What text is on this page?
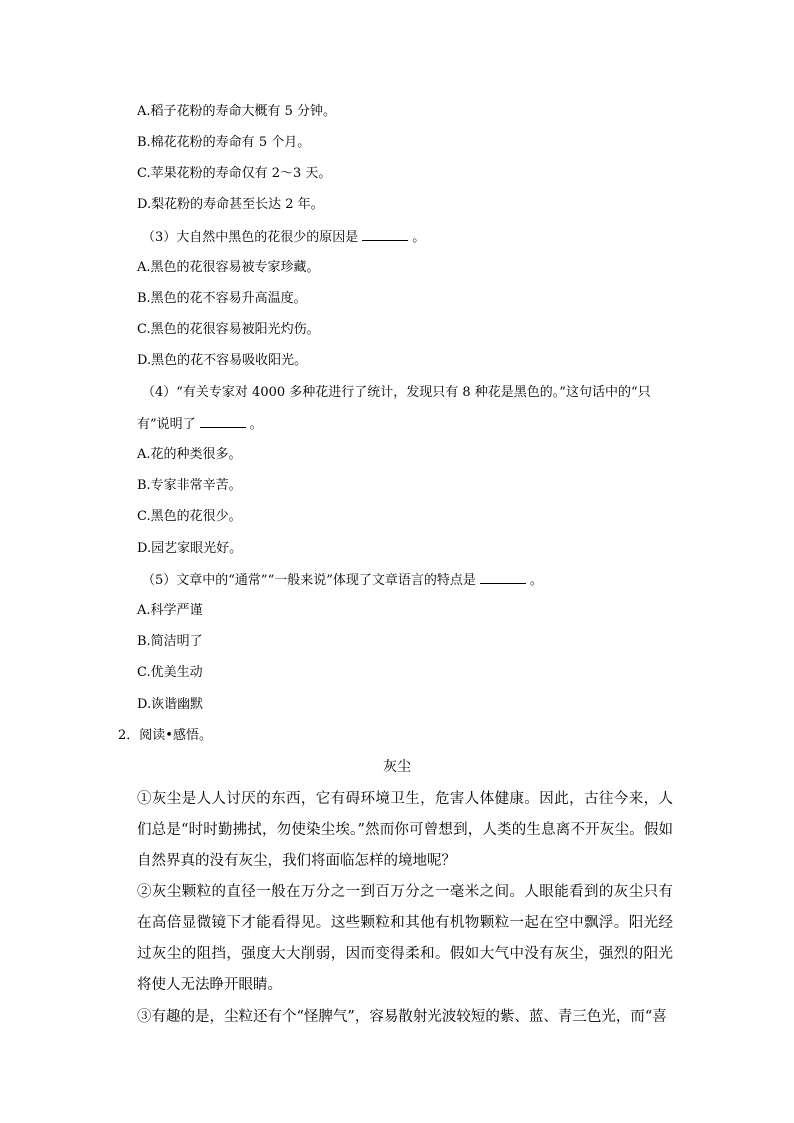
A.稻子花粉的寿命大概有 5 分钟。
B.棉花花粉的寿命有 5 个月。
C.苹果花粉的寿命仅有 2～3 天。
D.梨花粉的寿命甚至长达 2 年。
（3）大自然中黑色的花很少的原因是	。
A.黑色的花很容易被专家珍藏。
B.黑色的花不容易升高温度。
C.黑色的花很容易被阳光灼伤。
D.黑色的花不容易吸收阳光。
（4）“有关专家对 4000 多种花进行了统计，发现只有 8 种花是黑色的。”这句话中的“只
有”说明了	。
A.花的种类很多。
B.专家非常辛苦。
C.黑色的花很少。
D.园艺家眼光好。
（5）文章中的“通常”“一般来说”体现了文章语言的特点是	。
A.科学严谨
B.简洁明了
C.优美生动
D.诙谐幽默
2．阅读•感悟。
灰尘
①灰尘是人人讨厌的东西，它有碍环境卫生，危害人体健康。因此，古往今来，人们总是“时时勤拂拭，勿使染尘埃。”然而你可曾想到，人类的生息离不开灰尘。假如自然界真的没有灰尘，我们将面临怎样的境地呢？
②灰尘颗粒的直径一般在万分之一到百万分之一毫米之间。人眼能看到的灰尘只有在高倍显微镜下才能看得见。这些颗粒和其他有机物颗粒一起在空中飘浮。阳光经过灰尘的阻挡，强度大大削弱，因而变得柔和。假如大气中没有灰尘，强烈的阳光将使人无法睁开眼睛。
③有趣的是，尘粒还有个“怪脾气”，容易散射光波较短的紫、蓝、青三色光，而“喜
